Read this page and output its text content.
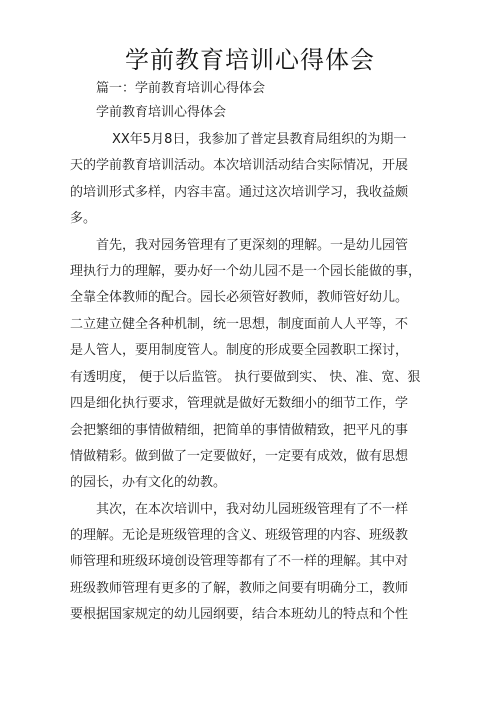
学前教育培训心得体会
篇一：学前教育培训心得体会
学前教育培训心得体会
XX年5月8日，我参加了普定县教育局组织的为期一
天的学前教育培训活动。本次培训活动结合实际情况，开展
的培训形式多样，内容丰富。通过这次培训学习，我收益颇
多。
首先，我对园务管理有了更深刻的理解。一是幼儿园管
理执行力的理解，要办好一个幼儿园不是一个园长能做的事，
全靠全体教师的配合。园长必须管好教师，教师管好幼儿。
二立建立健全各种机制，统一思想，制度面前人人平等，不
是人管人，要用制度管人。制度的形成要全园教职工探讨，
有透明度， 便于以后监管。 执行要做到实、 快、准、宽、狠
四是细化执行要求，管理就是做好无数细小的细节工作，学
会把繁细的事情做精细，把简单的事情做精致，把平凡的事
情做精彩。做到做了一定要做好，一定要有成效，做有思想
的园长，办有文化的幼教。
其次，在本次培训中，我对幼儿园班级管理有了不一样
的理解。无论是班级管理的含义、班级管理的内容、班级教
师管理和班级环境创设管理等都有了不一样的理解。其中对
班级教师管理有更多的了解，教师之间要有明确分工，教师
要根据国家规定的幼儿园纲要，结合本班幼儿的特点和个性
